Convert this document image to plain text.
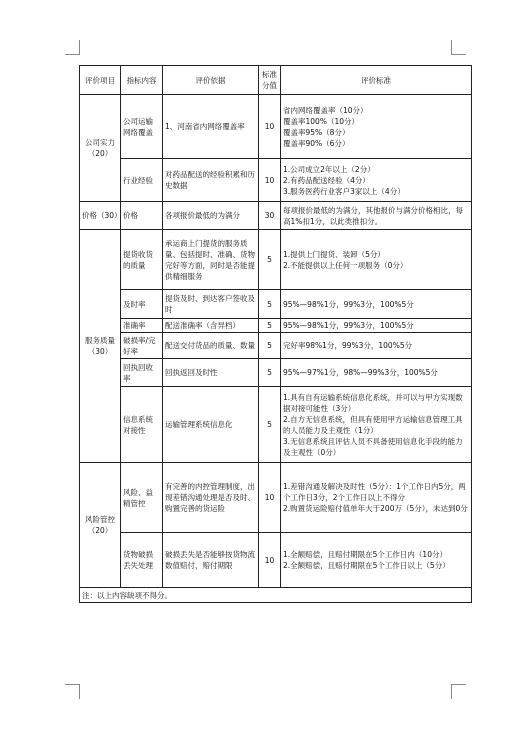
评价项目	指标内容	评价依据	标准分值	评价标准
公司实力（20）	公司运输网络覆盖	1、河南省内网络覆盖率	10	省内网络覆盖率（10分）
覆盖率100%（10分）
覆盖率95%（8分）
覆盖率90%（6分）

	行业经验	对药品配送的经验积累和历史数据	10	1.公司成立2年以上（2分）
2.有药品配送经验（4分）
3.服务医药行业客户3家以上（4分）

价格（30）	价格	各项报价最低的为满分	30	每项报价最低的为满分，其他报价与满分价格相比，每高1%扣1分，以此类推扣分。
服务质量（30）	提货收货的质量	承运商上门提货的服务质量、包括提时、准确、货物完好等方面，同时是否能提供精细服务	5	1.提供上门提货、装卸（5分）
2.不能提供以上任何一项服务（0分）

	及时率	提货及时、到达客户签收及时	5	95%—98%1分，99%3分，100%5分
	准确率	配送准确率（含异档）	5	95%—98%1分，99%3分，100%5分
	破损率/完好率	配送交付货品的质量、数量	5	完好率98%1分，99%3分，100%5分
	回执回收率	回执返回及时性	5	95%—97%1分，98%—99%3分，100%5分
	信息系统对接性	运输管理系统信息化	5	1.具有自有运输系统信息化系统，并可以与甲方实现数据对接可能性（3分）
2.自方无信息系统，但具有使用甲方运输信息管理工具的人员能力及主观性（1分）
3.无信息系统且评估人员不具备使用信息化手段的能力及主观性（0分）

风险管控（20）	风险、益精管控	有完善的内控管理制度，出现差错沟通处理是否及时、购置完善的货运险	10	1.差错沟通及解决及时性（5分）：1个工作日内5分，两个工作日3分，2个工作日以上不得分
2.购置货运险赔付值单年大于200万（5分），未达到0分

	货物破损丢失处理	破损丢失是否能够按货物流数值赔付，赔付期限	10	1.全额赔偿，且赔付期限在5个工作日内（10分）
2.全额赔偿，且赔付期限在5个工作日以上（5分）

注：以上内容缺项不得分。				
